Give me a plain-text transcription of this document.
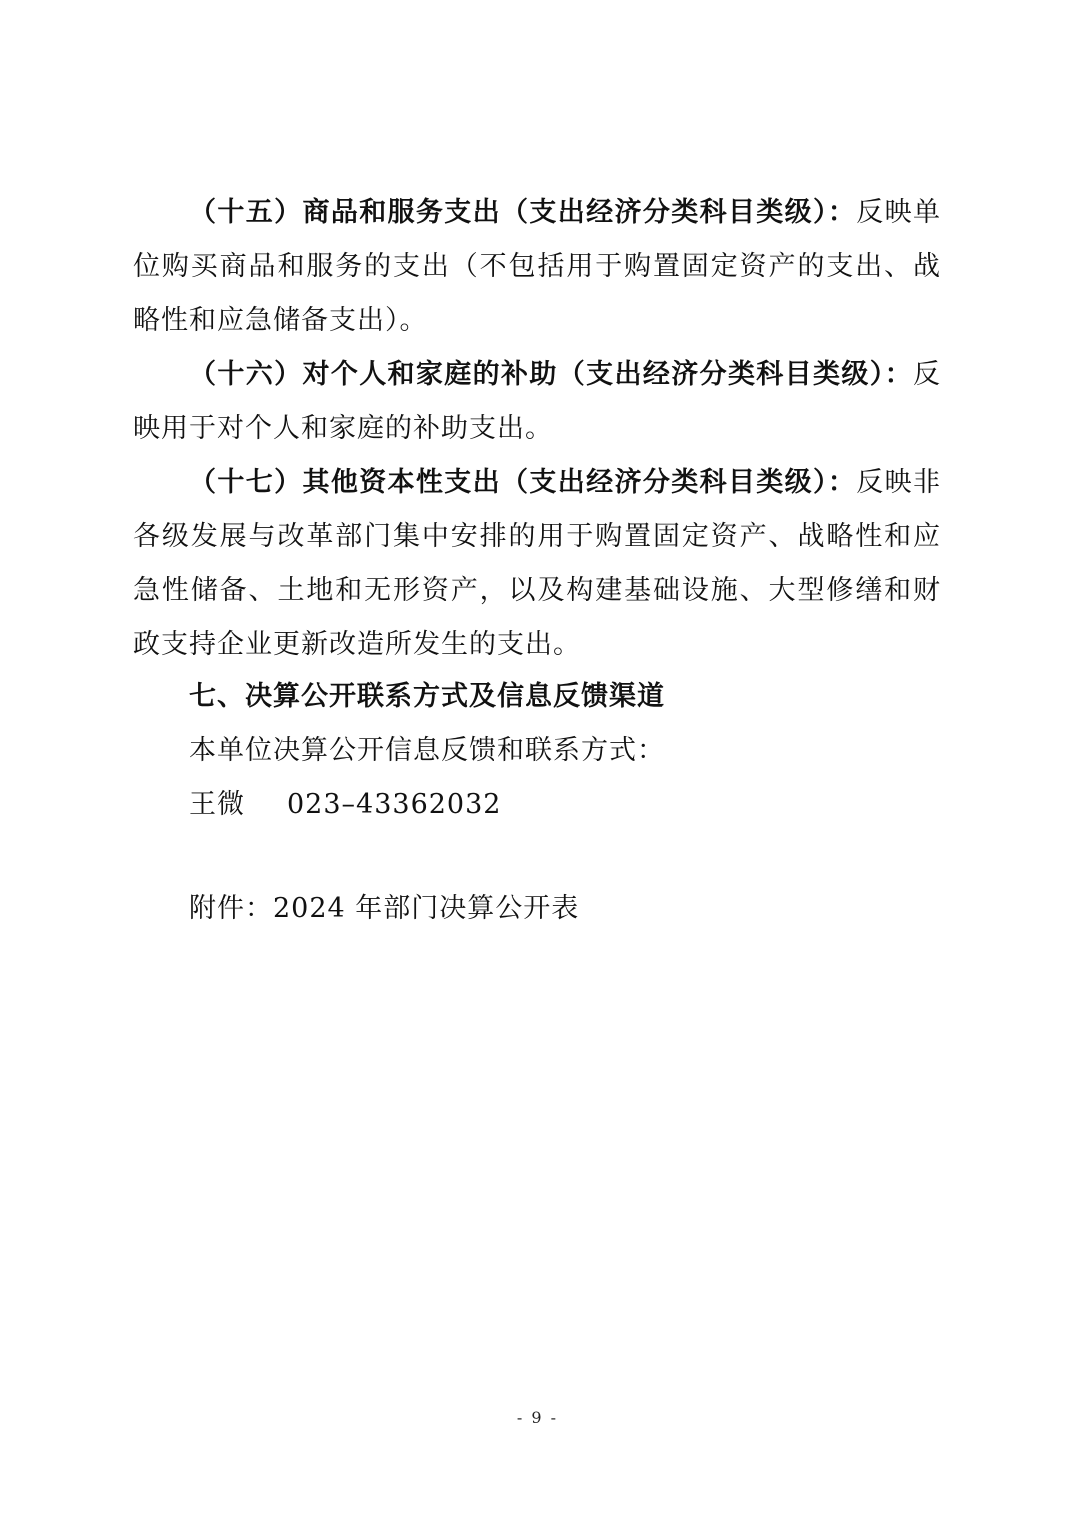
（十五）商品和服务支出（支出经济分类科目类级）：反映单位购买商品和服务的支出（不包括用于购置固定资产的支出、战略性和应急储备支出）。

（十六）对个人和家庭的补助（支出经济分类科目类级）：反映用于对个人和家庭的补助支出。

（十七）其他资本性支出（支出经济分类科目类级）：反映非各级发展与改革部门集中安排的用于购置固定资产、战略性和应急性储备、土地和无形资产，以及构建基础设施、大型修缮和财政支持企业更新改造所发生的支出。

七、决算公开联系方式及信息反馈渠道

本单位决算公开信息反馈和联系方式：

王微 023–43362032

附件：2024 年部门决算公开表

- 9 -
